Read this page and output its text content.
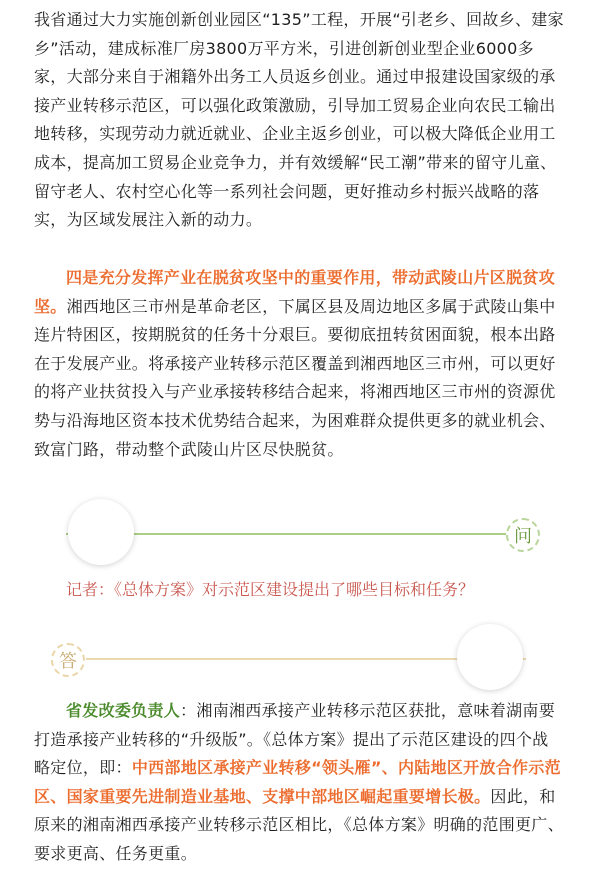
我省通过大力实施创新创业园区“135”工程，开展“引老乡、回故乡、建家乡”活动，建成标准厂房3800万平方米，引进创新创业型企业6000多家，大部分来自于湘籍外出务工人员返乡创业。通过申报建设国家级的承接产业转移示范区，可以强化政策激励，引导加工贸易企业向农民工输出地转移，实现劳动力就近就业、企业主返乡创业，可以极大降低企业用工成本，提高加工贸易企业竞争力，并有效缓解“民工潮”带来的留守儿童、留守老人、农村空心化等一系列社会问题，更好推动乡村振兴战略的落实，为区域发展注入新的动力。

四是充分发挥产业在脱贫攻坚中的重要作用，带动武陵山片区脱贫攻坚。湘西地区三市州是革命老区，下属区县及周边地区多属于武陵山集中连片特困区，按期脱贫的任务十分艰巨。要彻底扭转贫困面貌，根本出路在于发展产业。将承接产业转移示范区覆盖到湘西地区三市州，可以更好的将产业扶贫投入与产业承接转移结合起来，将湘西地区三市州的资源优势与沿海地区资本技术优势结合起来，为困难群众提供更多的就业机会、致富门路，带动整个武陵山片区尽快脱贫。

问

记者：《总体方案》对示范区建设提出了哪些目标和任务？

答

省发改委负责人：湘南湘西承接产业转移示范区获批，意味着湖南要打造承接产业转移的“升级版”。《总体方案》提出了示范区建设的四个战略定位，即：中西部地区承接产业转移“领头雁”、内陆地区开放合作示范区、国家重要先进制造业基地、支撑中部地区崛起重要增长极。因此，和原来的湘南湘西承接产业转移示范区相比，《总体方案》明确的范围更广、要求更高、任务更重。
